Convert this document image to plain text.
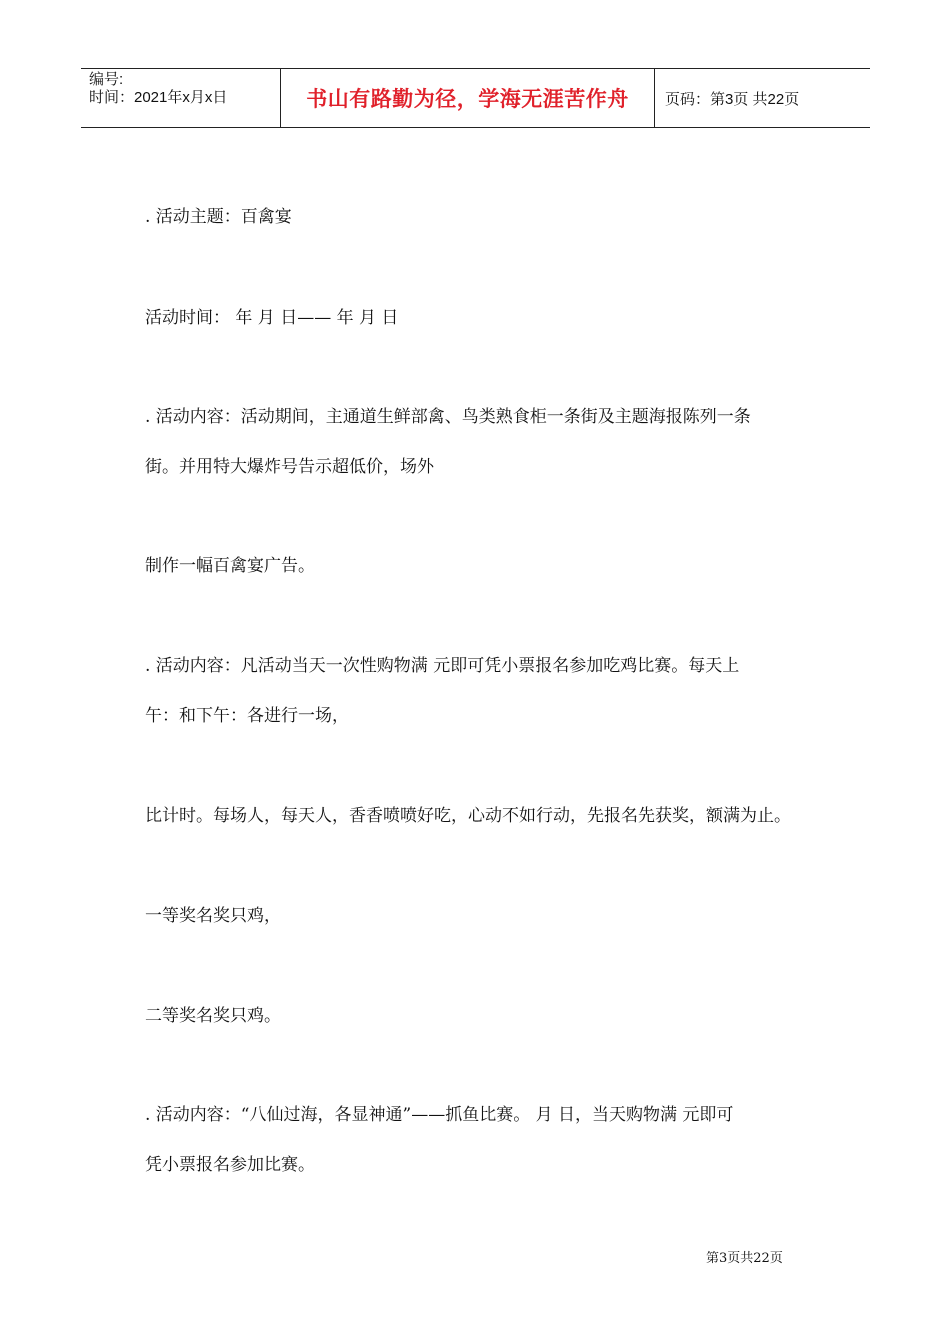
编号:
时间：2021年x月x日	书山有路勤为径，学海无涯苦作舟	页码：第3页 共22页
. 活动主题：百禽宴
活动时间： 年 月 日—— 年 月 日
. 活动内容：活动期间，主通道生鲜部禽、鸟类熟食柜一条街及主题海报陈列一条
街。并用特大爆炸号告示超低价，场外
制作一幅百禽宴广告。
. 活动内容：凡活动当天一次性购物满 元即可凭小票报名参加吃鸡比赛。每天上
午：和下午：各进行一场，
比计时。每场人，每天人，香香喷喷好吃，心动不如行动，先报名先获奖，额满为止。
一等奖名奖只鸡，
二等奖名奖只鸡。
. 活动内容：“八仙过海，各显神通”——抓鱼比赛。 月 日，当天购物满 元即可
凭小票报名参加比赛。
第3页共22页
